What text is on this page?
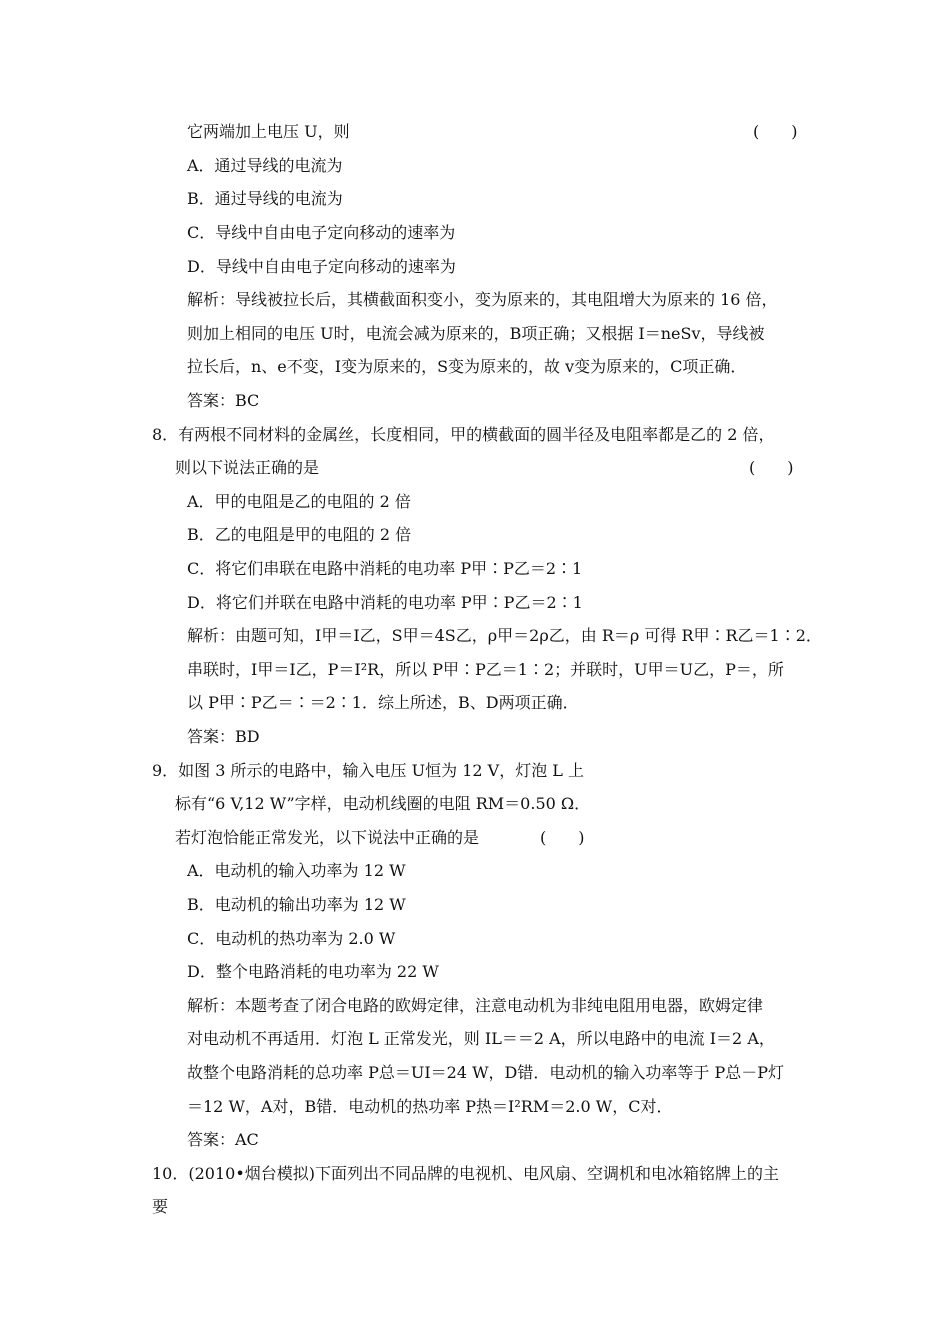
它两端加上电压 U，则	(　　)
A．通过导线的电流为
B．通过导线的电流为
C．导线中自由电子定向移动的速率为
D．导线中自由电子定向移动的速率为
解析：导线被拉长后，其横截面积变小，变为原来的，其电阻增大为原来的 16 倍，
则加上相同的电压 U时，电流会减为原来的，B项正确；又根据 I＝neSv，导线被
拉长后，n、e不变，I变为原来的，S变为原来的，故 v变为原来的，C项正确．
答案：BC
8．有两根不同材料的金属丝，长度相同，甲的横截面的圆半径及电阻率都是乙的 2 倍，
则以下说法正确的是	(　　)
A．甲的电阻是乙的电阻的 2 倍
B．乙的电阻是甲的电阻的 2 倍
C．将它们串联在电路中消耗的电功率 P甲∶P乙＝2∶1
D．将它们并联在电路中消耗的电功率 P甲∶P乙＝2∶1
解析：由题可知，I甲＝I乙，S甲＝4S乙，ρ甲＝2ρ乙，由 R＝ρ 可得 R甲∶R乙＝1∶2．
串联时，I甲＝I乙，P＝I²R，所以 P甲∶P乙＝1∶2；并联时，U甲＝U乙，P＝，所
以 P甲∶P乙＝∶＝2∶1．综上所述，B、D两项正确．
答案：BD
9．如图 3 所示的电路中，输入电压 U恒为 12 V，灯泡 L 上
标有“6 V,12 W”字样，电动机线圈的电阻 RM＝0.50 Ω．
若灯泡恰能正常发光，以下说法中正确的是	(　　)
A．电动机的输入功率为 12 W
B．电动机的输出功率为 12 W
C．电动机的热功率为 2.0 W
D．整个电路消耗的电功率为 22 W
解析：本题考查了闭合电路的欧姆定律，注意电动机为非纯电阻用电器，欧姆定律
对电动机不再适用．灯泡 L 正常发光，则 IL＝＝2 A，所以电路中的电流 I＝2 A，
故整个电路消耗的总功率 P总＝UI＝24 W，D错．电动机的输入功率等于 P总－P灯
＝12 W，A对，B错．电动机的热功率 P热＝I²RM＝2.0 W，C对．
答案：AC
10．(2010•烟台模拟)下面列出不同品牌的电视机、电风扇、空调机和电冰箱铭牌上的主
要
